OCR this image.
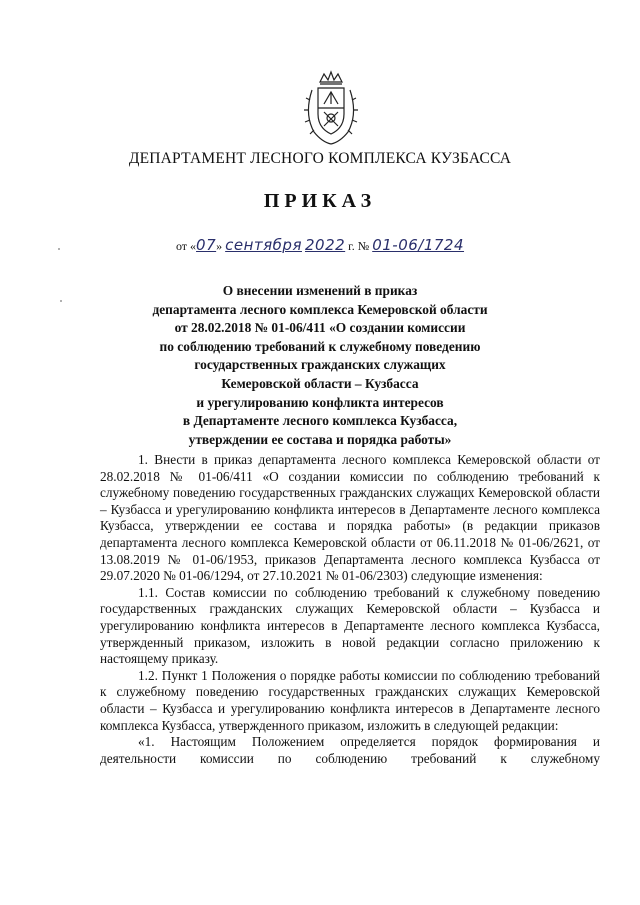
ДЕПАРТАМЕНТ ЛЕСНОГО КОМПЛЕКСА КУЗБАССА
ПРИКАЗ
от «07» сентября 2022 г. № 01-06/1724
О внесении изменений в приказ
департамента лесного комплекса Кемеровской области
от 28.02.2018 № 01-06/411 «О создании комиссии
по соблюдению требований к служебному поведению
государственных гражданских служащих
Кемеровской области – Кузбасса
и урегулированию конфликта интересов
в Департаменте лесного комплекса Кузбасса,
утверждении ее состава и порядка работы»

1. Внести в приказ департамента лесного комплекса Кемеровской области от 28.02.2018 № 01-06/411 «О создании комиссии по соблюдению требований к служебному поведению государственных гражданских служащих Кемеровской области – Кузбасса и урегулированию конфликта интересов в Департаменте лесного комплекса Кузбасса, утверждении ее состава и порядка работы» (в редакции приказов департамента лесного комплекса Кемеровской области от 06.11.2018 № 01-06/2621, от 13.08.2019 № 01-06/1953, приказов Департамента лесного комплекса Кузбасса от 29.07.2020 № 01-06/1294, от 27.10.2021 № 01-06/2303) следующие изменения:

1.1. Состав комиссии по соблюдению требований к служебному поведению государственных гражданских служащих Кемеровской области – Кузбасса и урегулированию конфликта интересов в Департаменте лесного комплекса Кузбасса, утвержденный приказом, изложить в новой редакции согласно приложению к настоящему приказу.

1.2. Пункт 1 Положения о порядке работы комиссии по соблюдению требований к служебному поведению государственных гражданских служащих Кемеровской области – Кузбасса и урегулированию конфликта интересов в Департаменте лесного комплекса Кузбасса, утвержденного приказом, изложить в следующей редакции:

«1. Настоящим Положением определяется порядок формирования и деятельности комиссии по соблюдению требований к служебному
